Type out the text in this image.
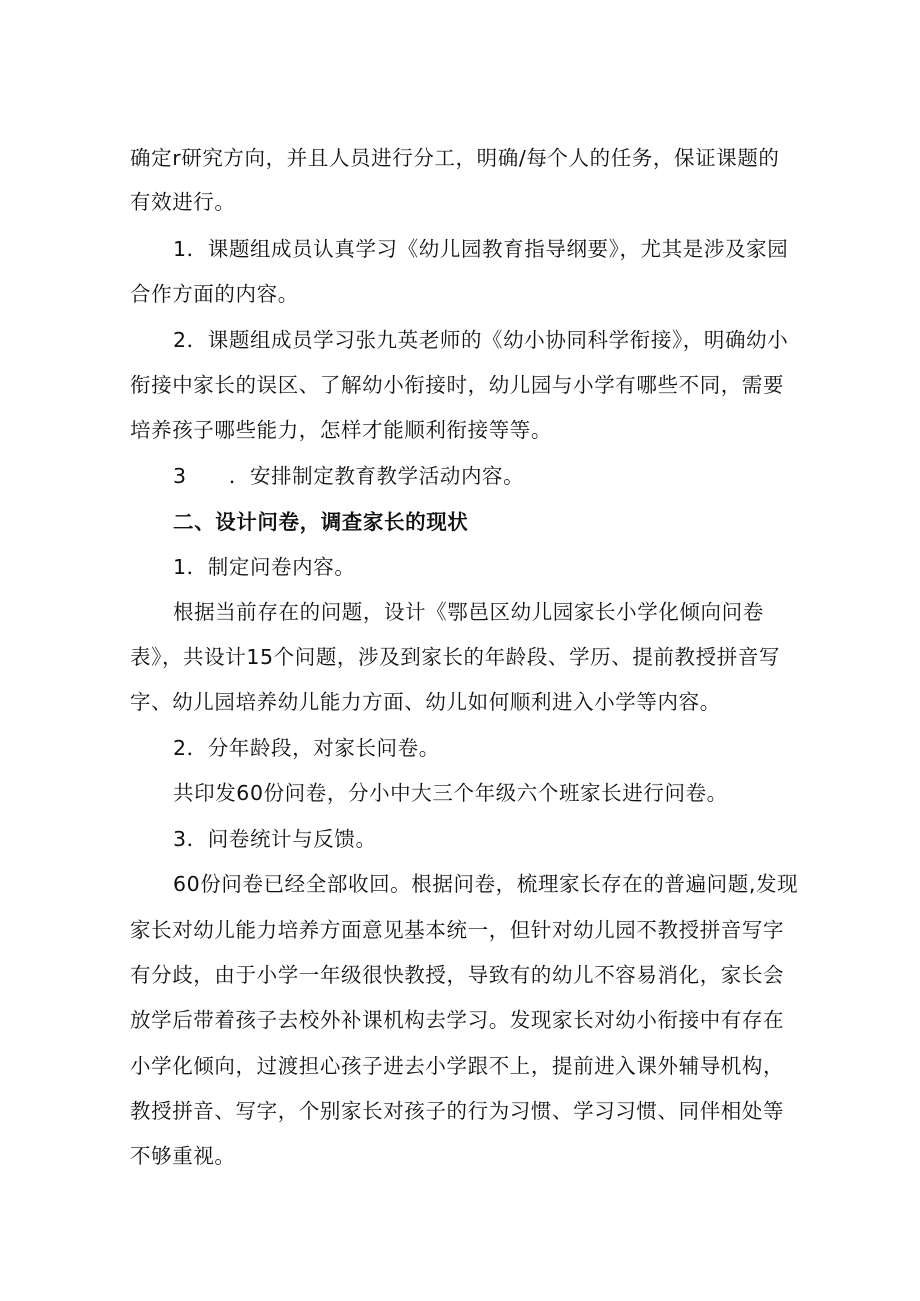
确定r研究方向，并且人员进行分工，明确/每个人的任务，保证课题的
有效进行。
1．课题组成员认真学习《幼儿园教育指导纲要》，尤其是涉及家园
合作方面的内容。
2．课题组成员学习张九英老师的《幼小协同科学衔接》，明确幼小
衔接中家长的误区、了解幼小衔接时，幼儿园与小学有哪些不同，需要
培养孩子哪些能力，怎样才能顺利衔接等等。
3　　．安排制定教育教学活动内容。
二、设计问卷，调查家长的现状
1．制定问卷内容。
根据当前存在的问题，设计《鄂邑区幼儿园家长小学化倾向问卷
表》，共设计15个问题，涉及到家长的年龄段、学历、提前教授拼音写
字、幼儿园培养幼儿能力方面、幼儿如何顺利进入小学等内容。
2．分年龄段，对家长问卷。
共印发60份问卷，分小中大三个年级六个班家长进行问卷。
3．问卷统计与反馈。
60份问卷已经全部收回。根据问卷，梳理家长存在的普遍问题,发现
家长对幼儿能力培养方面意见基本统一，但针对幼儿园不教授拼音写字
有分歧，由于小学一年级很快教授，导致有的幼儿不容易消化，家长会
放学后带着孩子去校外补课机构去学习。发现家长对幼小衔接中有存在
小学化倾向，过渡担心孩子进去小学跟不上，提前进入课外辅导机构，
教授拼音、写字，个别家长对孩子的行为习惯、学习习惯、同伴相处等
不够重视。
